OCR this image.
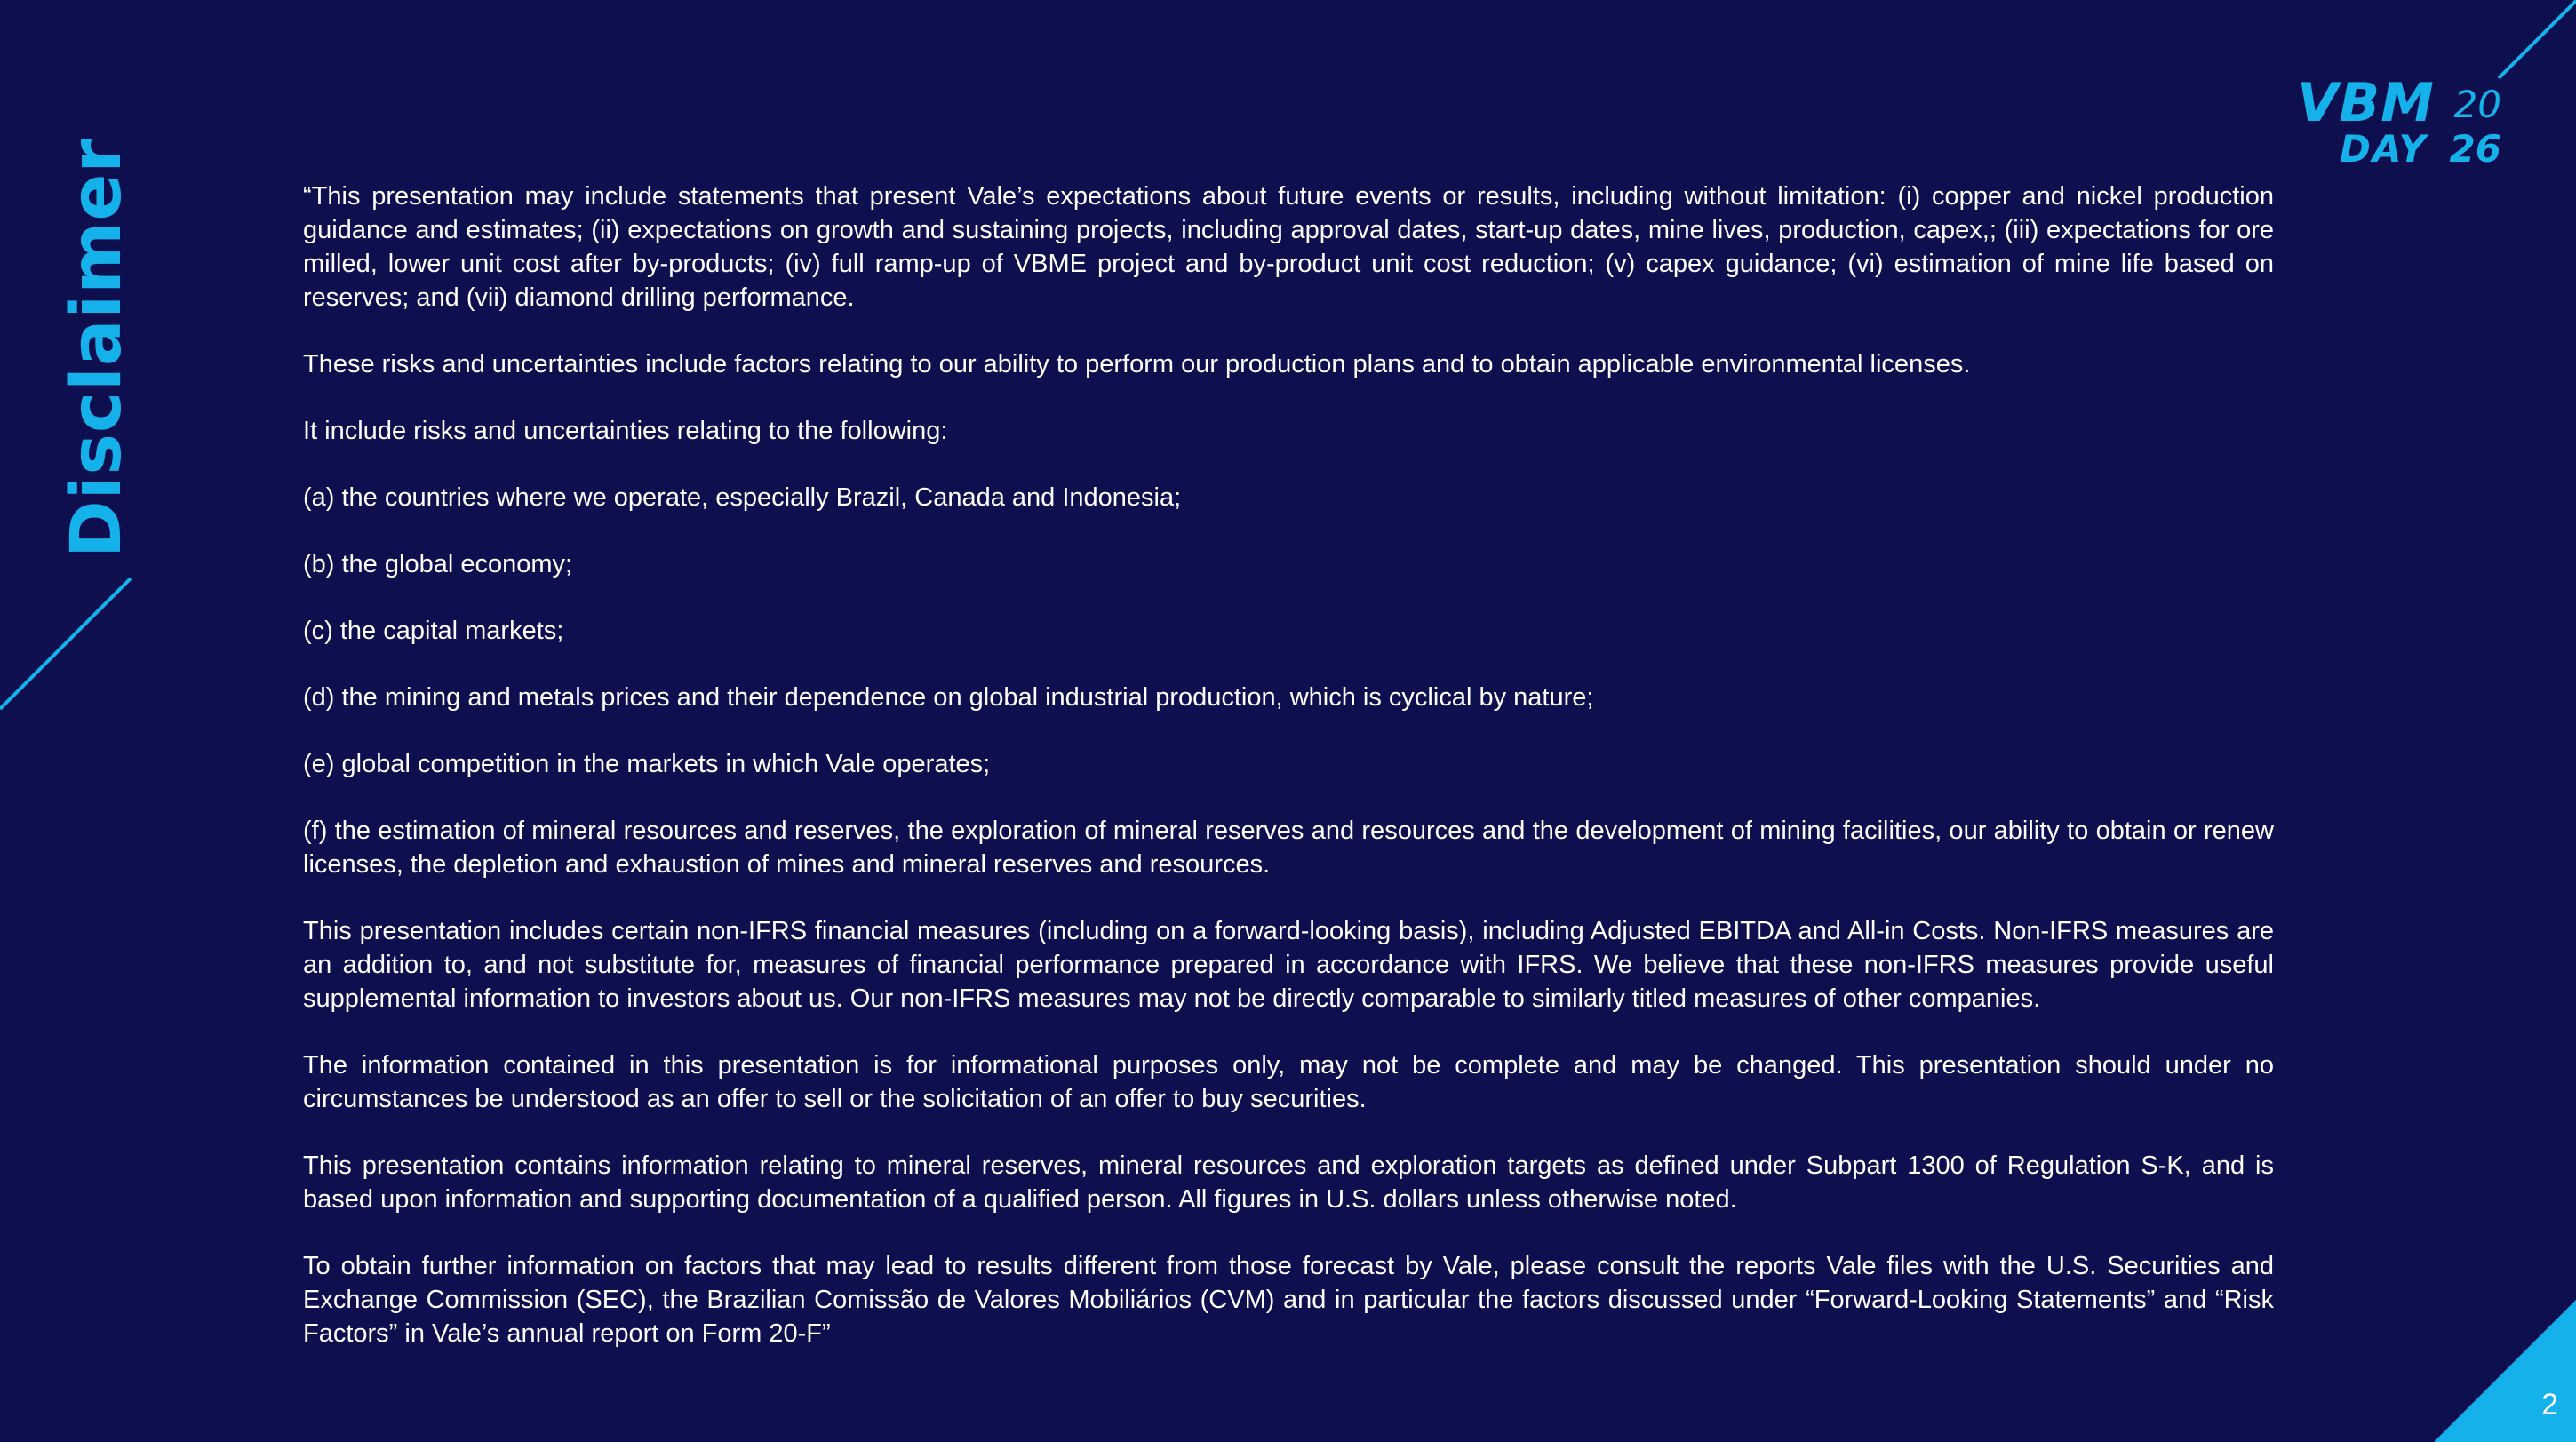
Disclaimer
VBM 20
DAY 26

“This presentation may include statements that present Vale’s expectations about future events or results, including without limitation: (i) copper and nickel production guidance and estimates; (ii) expectations on growth and sustaining projects, including approval dates, start-up dates, mine lives, production, capex,; (iii) expectations for ore milled, lower unit cost after by-products; (iv) full ramp-up of VBME project and by-product unit cost reduction; (v) capex guidance; (vi) estimation of mine life based on reserves; and (vii) diamond drilling performance.

These risks and uncertainties include factors relating to our ability to perform our production plans and to obtain applicable environmental licenses.

It include risks and uncertainties relating to the following:

(a) the countries where we operate, especially Brazil, Canada and Indonesia;

(b) the global economy;

(c) the capital markets;

(d) the mining and metals prices and their dependence on global industrial production, which is cyclical by nature;

(e) global competition in the markets in which Vale operates;

(f) the estimation of mineral resources and reserves, the exploration of mineral reserves and resources and the development of mining facilities, our ability to obtain or renew licenses, the depletion and exhaustion of mines and mineral reserves and resources.

This presentation includes certain non-IFRS financial measures (including on a forward-looking basis), including Adjusted EBITDA and All-in Costs. Non-IFRS measures are an addition to, and not substitute for, measures of financial performance prepared in accordance with IFRS. We believe that these non-IFRS measures provide useful supplemental information to investors about us. Our non-IFRS measures may not be directly comparable to similarly titled measures of other companies.

The information contained in this presentation is for informational purposes only, may not be complete and may be changed. This presentation should under no circumstances be understood as an offer to sell or the solicitation of an offer to buy securities.

This presentation contains information relating to mineral reserves, mineral resources and exploration targets as defined under Subpart 1300 of Regulation S-K, and is based upon information and supporting documentation of a qualified person. All figures in U.S. dollars unless otherwise noted.

To obtain further information on factors that may lead to results different from those forecast by Vale, please consult the reports Vale files with the U.S. Securities and Exchange Commission (SEC), the Brazilian Comissão de Valores Mobiliários (CVM) and in particular the factors discussed under “Forward-Looking Statements” and “Risk Factors” in Vale’s annual report on Form 20-F”

2
